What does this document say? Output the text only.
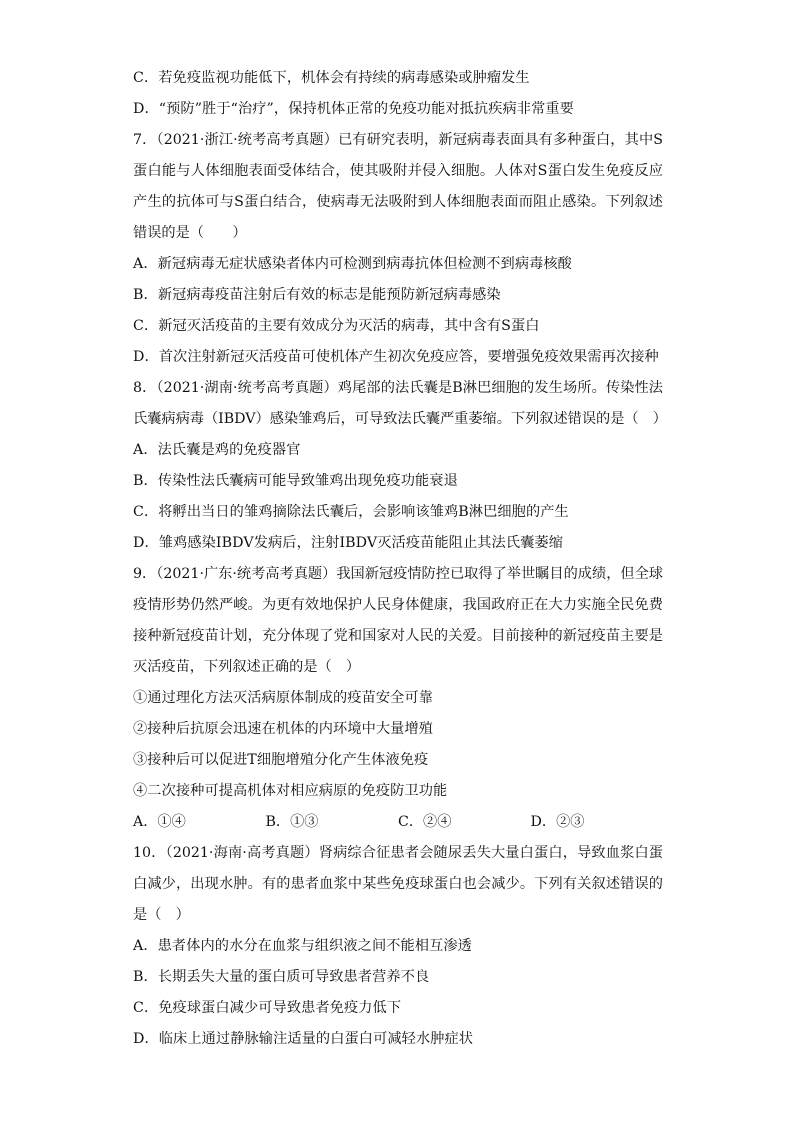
C．若免疫监视功能低下，机体会有持续的病毒感染或肿瘤发生
D．“预防”胜于“治疗”，保持机体正常的免疫功能对抵抗疾病非常重要
7．（2021·浙江·统考高考真题）已有研究表明，新冠病毒表面具有多种蛋白，其中S蛋白能与人体细胞表面受体结合，使其吸附并侵入细胞。人体对S蛋白发生免疫反应产生的抗体可与S蛋白结合，使病毒无法吸附到人体细胞表面而阻止感染。下列叙述错误的是（　　）
A．新冠病毒无症状感染者体内可检测到病毒抗体但检测不到病毒核酸
B．新冠病毒疫苗注射后有效的标志是能预防新冠病毒感染
C．新冠灭活疫苗的主要有效成分为灭活的病毒，其中含有S蛋白
D．首次注射新冠灭活疫苗可使机体产生初次免疫应答，要增强免疫效果需再次接种
8．（2021·湖南·统考高考真题）鸡尾部的法氏囊是B淋巴细胞的发生场所。传染性法氏囊病病毒（IBDV）感染雏鸡后，可导致法氏囊严重萎缩。下列叙述错误的是（　）
A．法氏囊是鸡的免疫器官
B．传染性法氏囊病可能导致雏鸡出现免疫功能衰退
C．将孵出当日的雏鸡摘除法氏囊后，会影响该雏鸡B淋巴细胞的产生
D．雏鸡感染IBDV发病后，注射IBDV灭活疫苗能阻止其法氏囊萎缩
9．（2021·广东·统考高考真题）我国新冠疫情防控已取得了举世瞩目的成绩，但全球疫情形势仍然严峻。为更有效地保护人民身体健康，我国政府正在大力实施全民免费接种新冠疫苗计划，充分体现了党和国家对人民的关爱。目前接种的新冠疫苗主要是灭活疫苗，下列叙述正确的是（　）
①通过理化方法灭活病原体制成的疫苗安全可靠
②接种后抗原会迅速在机体的内环境中大量增殖
③接种后可以促进T细胞增殖分化产生体液免疫
④二次接种可提高机体对相应病原的免疫防卫功能
A．①④	B．①③	C．②④	D．②③
10．（2021·海南·高考真题）肾病综合征患者会随尿丢失大量白蛋白，导致血浆白蛋白减少，出现水肿。有的患者血浆中某些免疫球蛋白也会减少。下列有关叙述错误的是（　）
A．患者体内的水分在血浆与组织液之间不能相互渗透
B．长期丢失大量的蛋白质可导致患者营养不良
C．免疫球蛋白减少可导致患者免疫力低下
D．临床上通过静脉输注适量的白蛋白可减轻水肿症状
